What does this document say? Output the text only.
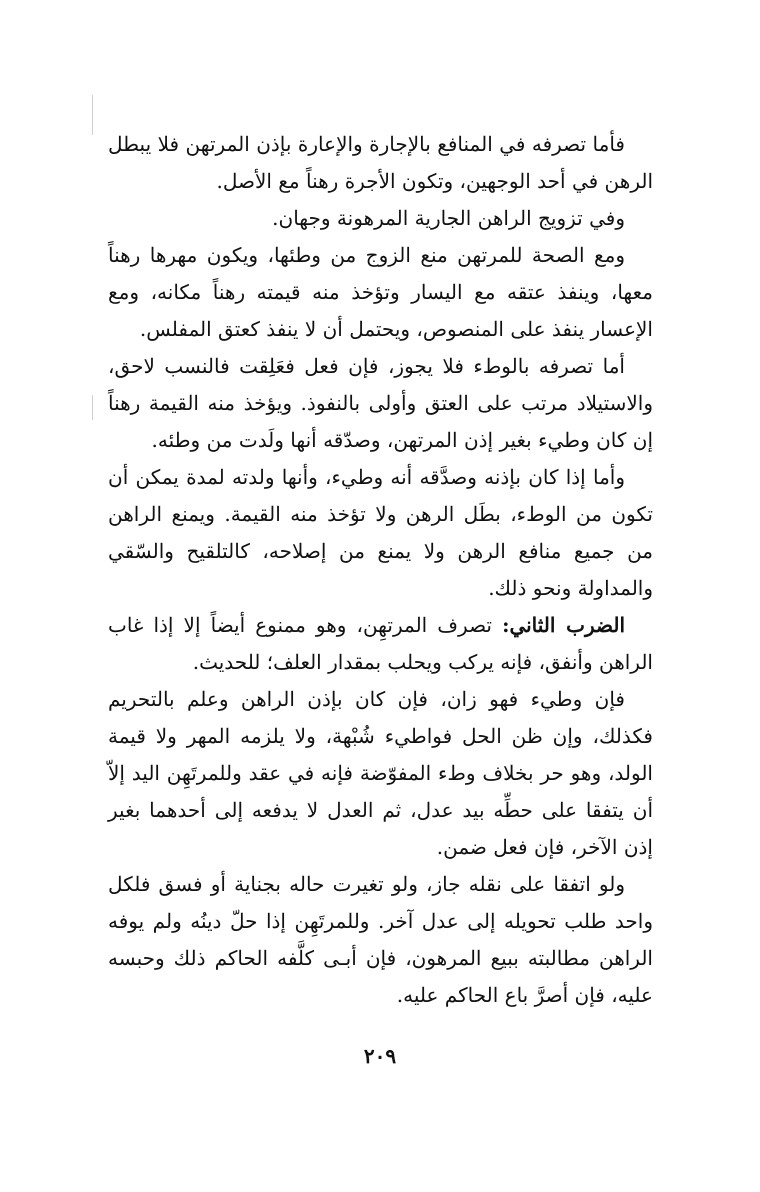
فأما تصرفه في المنافع بالإجارة والإعارة بإذن المرتهن فلا يبطل الرهن في أحد الوجهين، وتكون الأجرة رهناً مع الأصل.

وفي تزويج الراهن الجارية المرهونة وجهان.

ومع الصحة للمرتهن منع الزوج من وطئها، ويكون مهرها رهناً معها، وينفذ عتقه مع اليسار وتؤخذ منه قيمته رهناً مكانه، ومع الإعسار ينفذ على المنصوص، ويحتمل أن لا ينفذ كعتق المفلس.

أما تصرفه بالوطء فلا يجوز، فإن فعل فعَلِقت فالنسب لاحق، والاستيلاد مرتب على العتق وأولى بالنفوذ. ويؤخذ منه القيمة رهناً إن كان وطيء بغير إذن المرتهن، وصدّقه أنها ولَدت من وطئه.

وأما إذا كان بإذنه وصدَّقه أنه وطيء، وأنها ولدته لمدة يمكن أن تكون من الوطء، بطَل الرهن ولا تؤخذ منه القيمة. ويمنع الراهن من جميع منافع الرهن ولا يمنع من إصلاحه، كالتلقيح والسّقي والمداولة ونحو ذلك.

الضرب الثاني: تصرف المرتهِن، وهو ممنوع أيضاً إلا إذا غاب الراهن وأنفق، فإنه يركب ويحلب بمقدار العلف؛ للحديث.

فإن وطيء فهو زان، فإن كان بإذن الراهن وعلم بالتحريم فكذلك، وإن ظن الحل فواطيء شُبْهة، ولا يلزمه المهر ولا قيمة الولد، وهو حر بخلاف وطء المفوّضة فإنه في عقد وللمرتَهِن اليد إلاّ أن يتفقا على حطِّه بيد عدل، ثم العدل لا يدفعه إلى أحدهما بغير إذن الآخر، فإن فعل ضمن.

ولو اتفقا على نقله جاز، ولو تغيرت حاله بجناية أو فسق فلكل واحد طلب تحويله إلى عدل آخر. وللمرتَهِن إذا حلّ دينُه ولم يوفه الراهن مطالبته ببيع المرهون، فإن أبـى كلَّفه الحاكم ذلك وحبسه عليه، فإن أصرَّ باع الحاكم عليه.

٢٠٩
